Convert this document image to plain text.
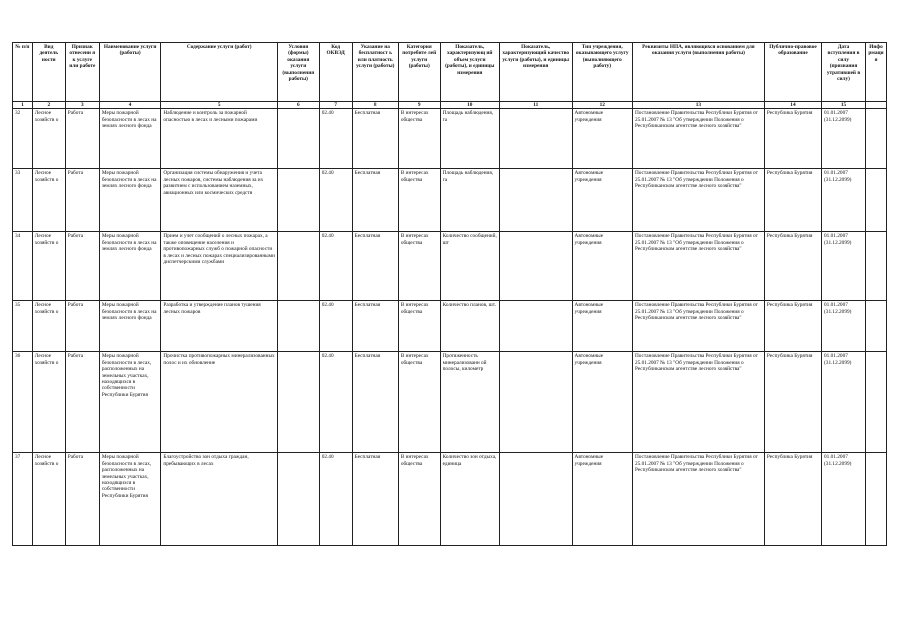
№ п/п	Вид деятель ности	Признак отнесени я к услуге или работе	Наименование услуги (работы)	Содержание услуги (работ)	Условия (формы) оказания услуги (выполнения работы)	Код ОКВЭД	Указание на бесплатност ь или платность услуги (работы)	Категория потребите лей услуги (работы)	Показатель, характеризующ ий объем услуги (работы), и единицы измерения	Показатель, характеризующий качество услуги (работы), и единицы измерения	Тип учреждения, оказывающего услугу (выполняющего работу)	Реквизиты НПА, являющихся основанием для оказания услуги (выполнения работы)	Публично-правовое образование	Дата вступления в силу (признания утратившей в силу)	Инфо рмаци я
1	2	3	4	5	6	7	8	9	10	11	12	13	14	15	
32	Лесное хозяйств о	Работа	Меры пожарной безопасности в лесах на землях лесного фонда	Наблюдение и контроль за пожарной опасностью в лесах и лесными пожарами		02.40	Бесплатная	В интересах общества	Площадь наблюдения, га		Автономные учреждения	Постановление Правительства Республики Бурятия от 25.01.2007 № 13 "Об утверждении Положения о Республиканском агентстве лесного хозяйства"	Республика Бурятия	01.01.2007 (31.12.2099)	
33	Лесное хозяйств о	Работа	Меры пожарной безопасности в лесах на землях лесного фонда	Организация системы обнаружения и учета лесных пожаров, системы наблюдения за их развитием с использованием наземных, авиационных или космических средств		02.40	Бесплатная	В интересах общества	Площадь наблюдения, га		Автономные учреждения	Постановление Правительства Республики Бурятия от 25.01.2007 № 13 "Об утверждении Положения о Республиканском агентстве лесного хозяйства"	Республика Бурятия	01.01.2007 (31.12.2099)	
34	Лесное хозяйств о	Работа	Меры пожарной безопасности в лесах на землях лесного фонда	Прием и учет сообщений о лесных пожарах, а также оповещение населения и противопожарных служб о пожарной опасности в лесах и лесных пожарах специализированными диспетчерскими службами		02.40	Бесплатная	В интересах общества	Количество сообщений, шт		Автономные учреждения	Постановление Правительства Республики Бурятия от 25.01.2007 № 13 "Об утверждении Положения о Республиканском агентстве лесного хозяйства"	Республика Бурятия	01.01.2007 (31.12.2099)	
35	Лесное хозяйств о	Работа	Меры пожарной безопасности в лесах на землях лесного фонда	Разработка и утверждение планов тушения лесных пожаров		02.40	Бесплатная	В интересах общества	Количество планов, шт.		Автономные учреждения	Постановление Правительства Республики Бурятия от 25.01.2007 № 13 "Об утверждении Положения о Республиканском агентстве лесного хозяйства"	Республика Бурятия	01.01.2007 (31.12.2099)	
36	Лесное хозяйств о	Работа	Меры пожарной безопасности в лесах, расположенных на земельных участках, находящихся в собственности Республики Бурятия	Прочистка противопожарных минерализованных полос и их обновление		02.40	Бесплатная	В интересах общества	Протяженность минерализованн ой полосы, километр		Автономные учреждения	Постановление Правительства Республики Бурятия от 25.01.2007 № 13 "Об утверждении Положения о Республиканском агентстве лесного хозяйства"	Республика Бурятия	01.01.2007 (31.12.2099)	
37	Лесное хозяйств о	Работа	Меры пожарной безопасности в лесах, расположенных на земельных участках, находящихся в собственности Республики Бурятия	Благоустройство зон отдыха граждан, пребывающих в лесах		02.40	Бесплатная	В интересах общества	Количество зон отдыха, единица		Автономные учреждения	Постановление Правительства Республики Бурятия от 25.01.2007 № 13 "Об утверждении Положения о Республиканском агентстве лесного хозяйства"	Республика Бурятия	01.01.2007 (31.12.2099)	
